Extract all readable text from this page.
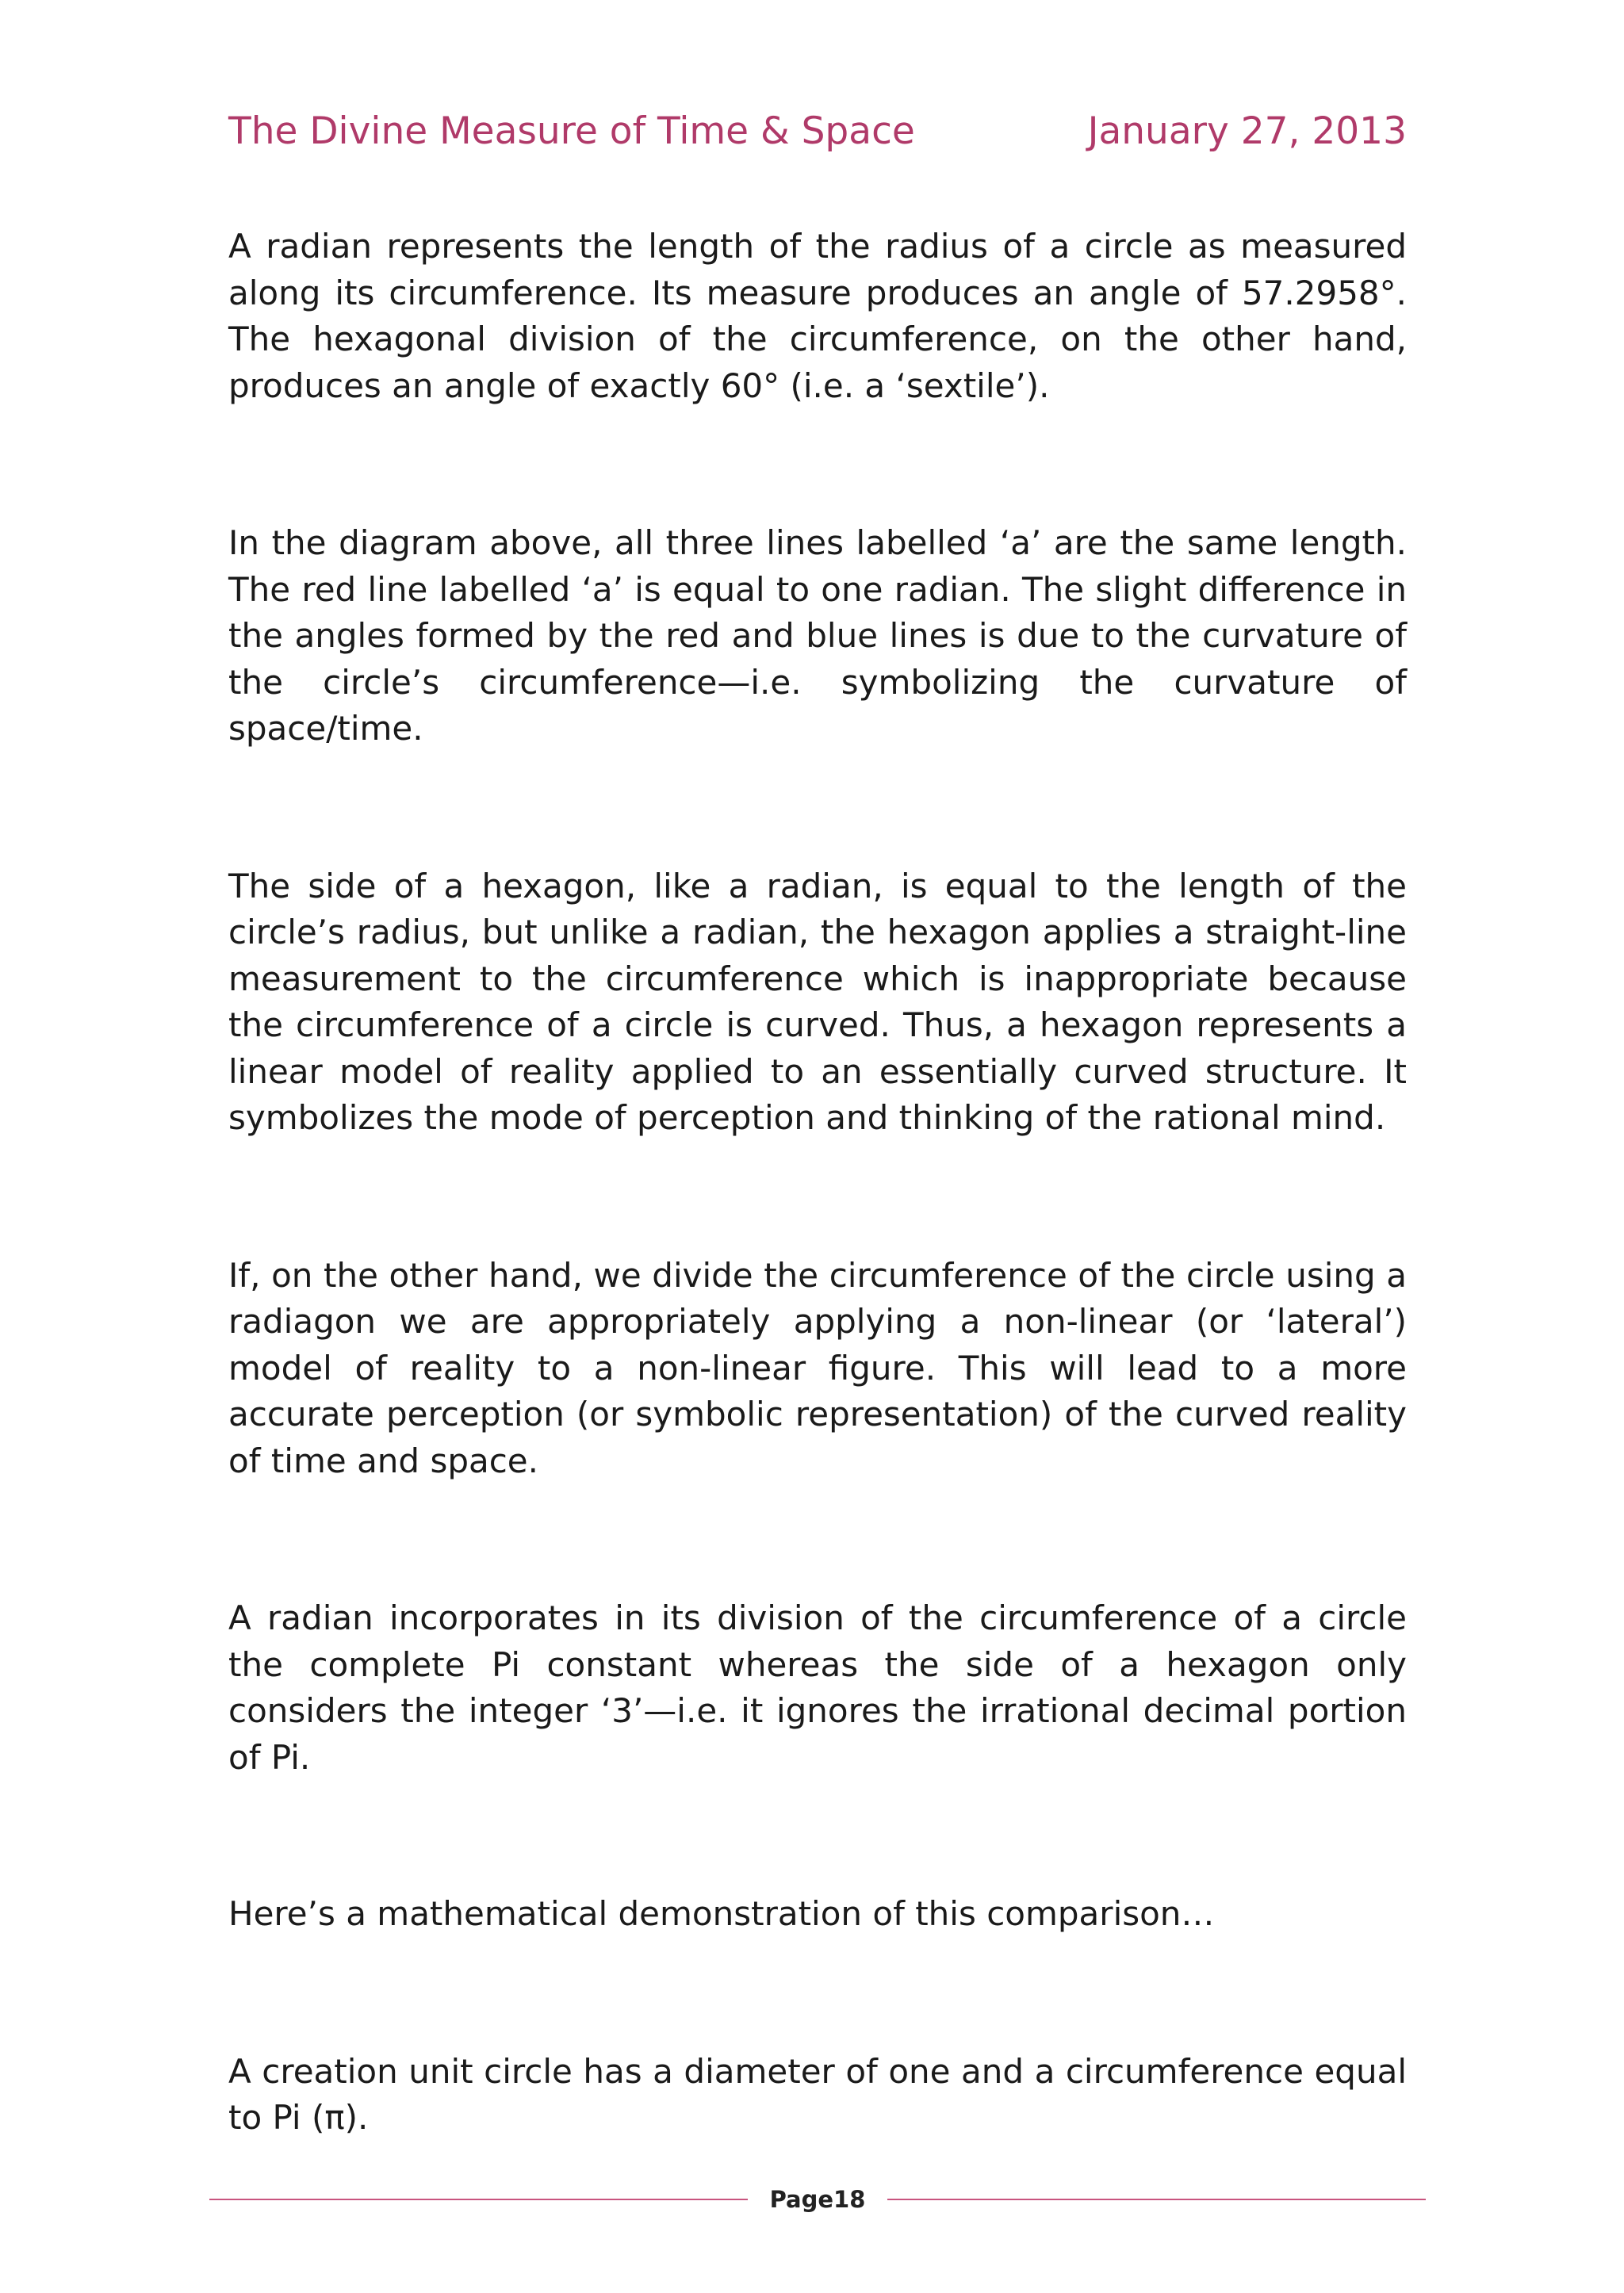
The Divine Measure of Time & Space	January 27, 2013

A radian represents the length of the radius of a circle as measured along its circumference. Its measure produces an angle of 57.2958°. The hexagonal division of the circumference, on the other hand, produces an angle of exactly 60° (i.e. a ‘sextile’).

In the diagram above, all three lines labelled ‘a’ are the same length. The red line labelled ‘a’ is equal to one radian. The slight difference in the angles formed by the red and blue lines is due to the curvature of the circle’s circumference—i.e. symbolizing the curvature of space/time.

The side of a hexagon, like a radian, is equal to the length of the circle’s radius, but unlike a radian, the hexagon applies a straight-line measurement to the circumference which is inappropriate because the circumference of a circle is curved. Thus, a hexagon represents a linear model of reality applied to an essentially curved structure. It symbolizes the mode of perception and thinking of the rational mind.

If, on the other hand, we divide the circumference of the circle using a radiagon we are appropriately applying a non-linear (or ‘lateral’) model of reality to a non-linear figure. This will lead to a more accurate perception (or symbolic representation) of the curved reality of time and space.

A radian incorporates in its division of the circumference of a circle the complete Pi constant whereas the side of a hexagon only considers the integer ‘3’—i.e. it ignores the irrational decimal portion of Pi.

Here’s a mathematical demonstration of this comparison…

A creation unit circle has a diameter of one and a circumference equal to Pi (π).

Page18
